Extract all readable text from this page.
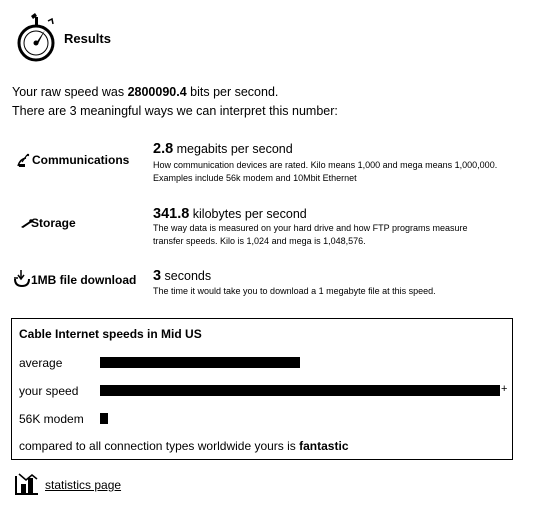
Results
Your raw speed was 2800090.4 bits per second.
There are 3 meaningful ways we can interpret this number:
Communications
2.8 megabits per second
How communication devices are rated. Kilo means 1,000 and mega means 1,000,000.
Examples include 56k modem and 10Mbit Ethernet
Storage
341.8 kilobytes per second
The way data is measured on your hard drive and how FTP programs measure
transfer speeds. Kilo is 1,024 and mega is 1,048,576.
1MB file download 3 seconds
The time it would take you to download a 1 megabyte file at this speed.
Cable Internet speeds in Mid US
average
your speed	+
56K modem
compared to all connection types worldwide yours is fantastic
statistics page
